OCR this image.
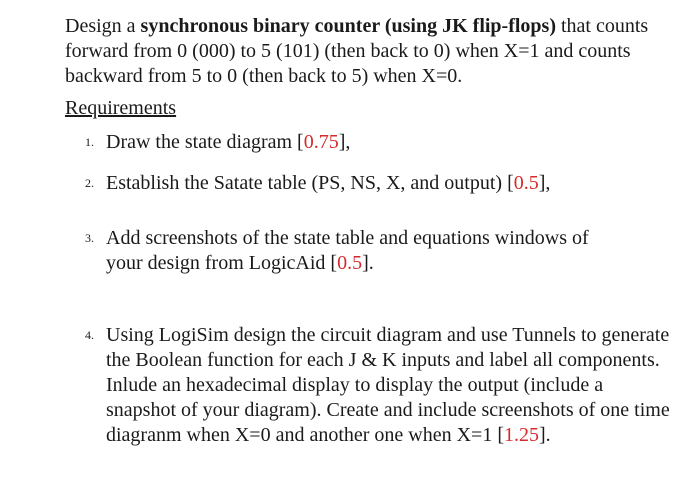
Design a synchronous binary counter (using JK flip-flops) that counts forward from 0 (000) to 5 (101) (then back to 0) when X=1 and counts backward from 5 to 0 (then back to 5) when X=0.

Requirements
1. Draw the state diagram [0.75],
2. Establish the Satate table (PS, NS, X, and output) [0.5],
3. Add screenshots of the state table and equations windows of your design from LogicAid [0.5].
4. Using LogiSim design the circuit diagram and use Tunnels to generate the Boolean function for each J & K inputs and label all components. Inlude an hexadecimal display to display the output (include a snapshot of your diagram). Create and include screenshots of one time diagranm when X=0 and another one when X=1 [1.25].
